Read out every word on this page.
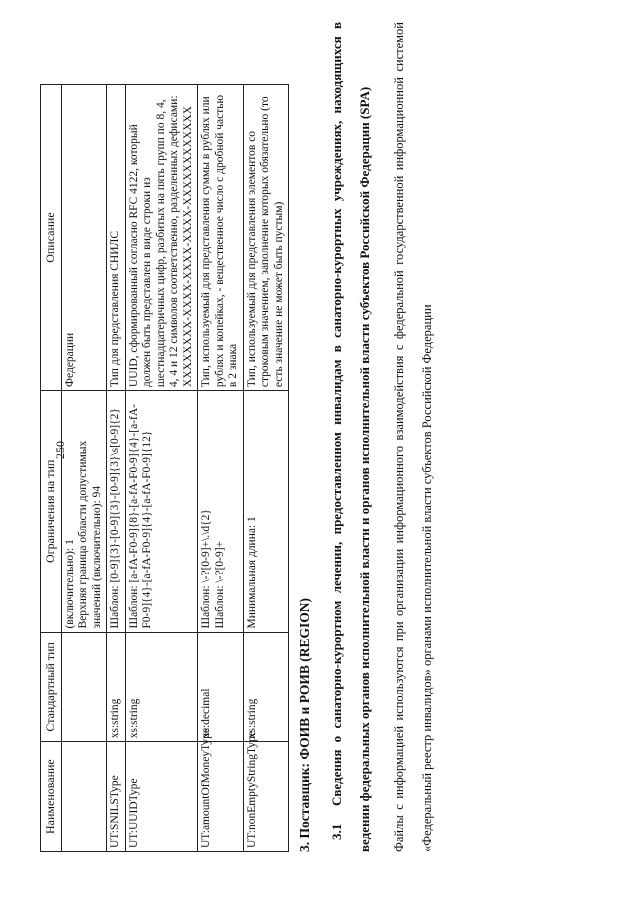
250
Наименование	Стандартный тип	Ограничения на тип	Описание
		(включительно): 1 Верхняя граница области допустимых значений (включительно): 94	Федерации
UT:SNILSType	xs:string	Шаблон: [0-9]{3}-[0-9]{3}-[0-9]{3}\s[0-9]{2}	Тип для представления СНИЛС
UT:UUIDType	xs:string	Шаблон: [a-fA-F0-9]{8}-[a-fA-F0-9]{4}-[a-fA-F0-9]{4}-[a-fA-F0-9]{4}-[a-fA-F0-9]{12}	UUID, сформированный согласно RFC 4122, который должен быть представлен в виде строки из шестнадцатеричных цифр, разбитых на пять групп по 8, 4, 4, 4 и 12 символов соответственно, разделенных дефисами: XXXXXXXX-XXXX-XXXX-XXXX-XXXXXXXXXXXX
UT:amountOfMoneyType	xs:decimal	Шаблон: \-?[0-9]+\.\d{2} Шаблон: \-?[0-9]+	Тип, используемый для представления суммы в рублях или рублях и копейках, - вещественное число с дробной частью в 2 знака
UT:nonEmptyStringType	xs:string	Минимальная длина: 1	Тип, используемый для представления элементов со строковым значением, заполнение которых обязательно (то есть значение не может быть пустым)
3. Поставщик: ФОИВ и РОИВ (REGION)	3.1Сведения о санаторно-курортном лечении, предоставленном инвалидам в санаторно-курортных учреждениях, находящихся в ведении федеральных органов исполнительной власти и органов исполнительной власти субъектов Российской Федерации (SPA)	Файлы с информацией используются при организации информационного взаимодействия с федеральной государственной информационной системой «Федеральный реестр инвалидов» органами исполнительной власти субъектов Российской Федерации
